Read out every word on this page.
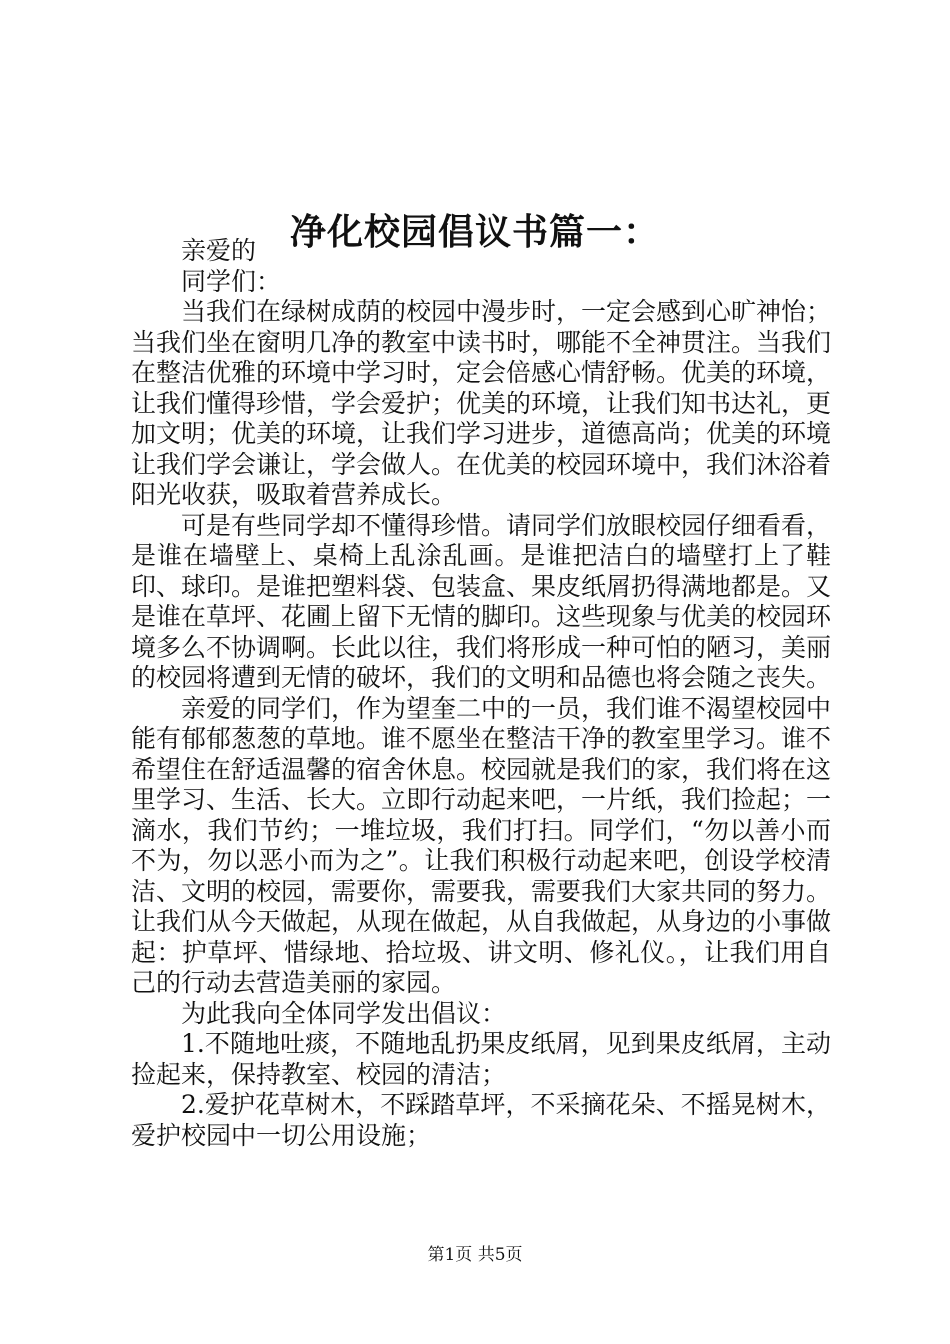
净化校园倡议书篇一：

亲爱的

同学们：

当我们在绿树成荫的校园中漫步时，一定会感到心旷神怡；当我们坐在窗明几净的教室中读书时，哪能不全神贯注。当我们在整洁优雅的环境中学习时，定会倍感心情舒畅。优美的环境，让我们懂得珍惜，学会爱护；优美的环境，让我们知书达礼，更加文明；优美的环境，让我们学习进步，道德高尚；优美的环境让我们学会谦让，学会做人。在优美的校园环境中，我们沐浴着阳光收获，吸取着营养成长。

可是有些同学却不懂得珍惜。请同学们放眼校园仔细看看，是谁在墙壁上、桌椅上乱涂乱画。是谁把洁白的墙壁打上了鞋印、球印。是谁把塑料袋、包装盒、果皮纸屑扔得满地都是。又是谁在草坪、花圃上留下无情的脚印。这些现象与优美的校园环境多么不协调啊。长此以往，我们将形成一种可怕的陋习，美丽的校园将遭到无情的破坏，我们的文明和品德也将会随之丧失。

亲爱的同学们，作为望奎二中的一员，我们谁不渴望校园中能有郁郁葱葱的草地。谁不愿坐在整洁干净的教室里学习。谁不希望住在舒适温馨的宿舍休息。校园就是我们的家，我们将在这里学习、生活、长大。立即行动起来吧，一片纸，我们捡起；一滴水，我们节约；一堆垃圾，我们打扫。同学们，“勿以善小而不为，勿以恶小而为之”。让我们积极行动起来吧，创设学校清洁、文明的校园，需要你，需要我，需要我们大家共同的努力。让我们从今天做起，从现在做起，从自我做起，从身边的小事做起：护草坪、惜绿地、拾垃圾、讲文明、修礼仪。，让我们用自己的行动去营造美丽的家园。

为此我向全体同学发出倡议：

1.不随地吐痰，不随地乱扔果皮纸屑，见到果皮纸屑，主动捡起来，保持教室、校园的清洁；

2.爱护花草树木，不踩踏草坪，不采摘花朵、不摇晃树木，爱护校园中一切公用设施；

第1页 共5页
